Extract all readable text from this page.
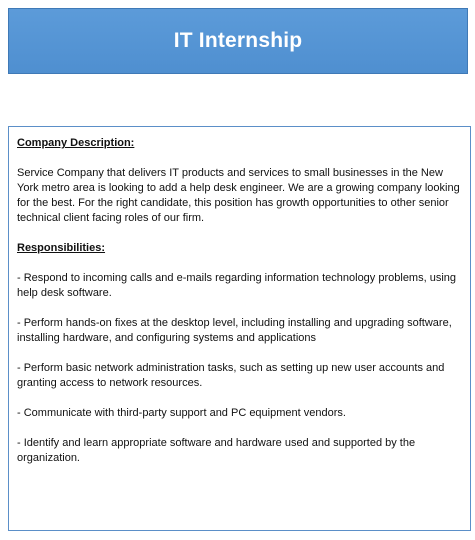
IT Internship
Company Description:
Service Company that delivers IT products and services to small businesses in the New York metro area is looking to add a help desk engineer. We are a growing company looking for the best. For the right candidate, this position has growth opportunities to other senior technical client facing roles of our firm.
Responsibilities:
- Respond to incoming calls and e-mails regarding information technology problems, using help desk software.
- Perform hands-on fixes at the desktop level, including installing and upgrading software, installing hardware, and configuring systems and applications
- Perform basic network administration tasks, such as setting up new user accounts and granting access to network resources.
- Communicate with third-party support and PC equipment vendors.
- Identify and learn appropriate software and hardware used and supported by the organization.
